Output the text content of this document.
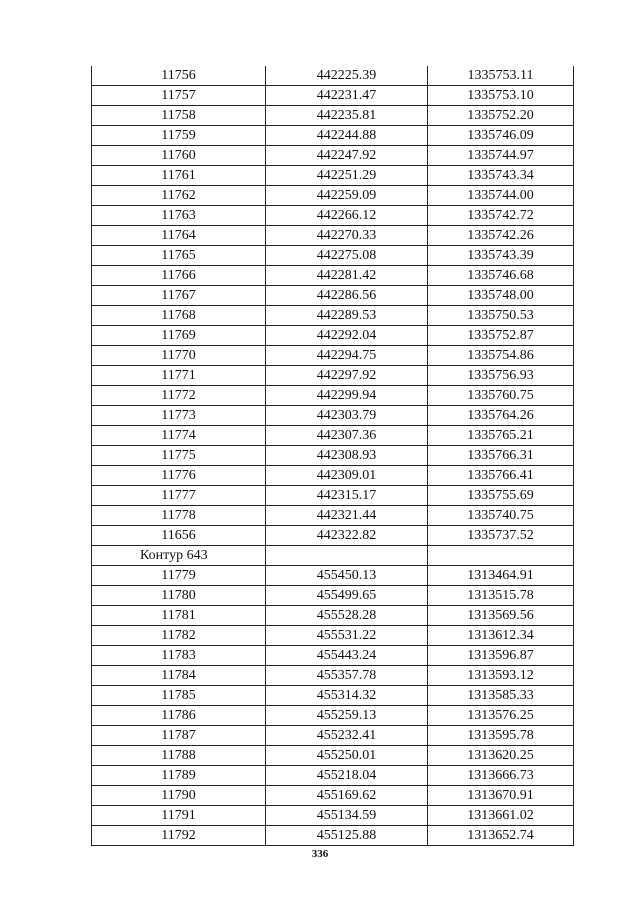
11756	442225.39	1335753.11
11757	442231.47	1335753.10
11758	442235.81	1335752.20
11759	442244.88	1335746.09
11760	442247.92	1335744.97
11761	442251.29	1335743.34
11762	442259.09	1335744.00
11763	442266.12	1335742.72
11764	442270.33	1335742.26
11765	442275.08	1335743.39
11766	442281.42	1335746.68
11767	442286.56	1335748.00
11768	442289.53	1335750.53
11769	442292.04	1335752.87
11770	442294.75	1335754.86
11771	442297.92	1335756.93
11772	442299.94	1335760.75
11773	442303.79	1335764.26
11774	442307.36	1335765.21
11775	442308.93	1335766.31
11776	442309.01	1335766.41
11777	442315.17	1335755.69
11778	442321.44	1335740.75
11656	442322.82	1335737.52
Контур 643		
11779	455450.13	1313464.91
11780	455499.65	1313515.78
11781	455528.28	1313569.56
11782	455531.22	1313612.34
11783	455443.24	1313596.87
11784	455357.78	1313593.12
11785	455314.32	1313585.33
11786	455259.13	1313576.25
11787	455232.41	1313595.78
11788	455250.01	1313620.25
11789	455218.04	1313666.73
11790	455169.62	1313670.91
11791	455134.59	1313661.02
11792	455125.88	1313652.74
336
